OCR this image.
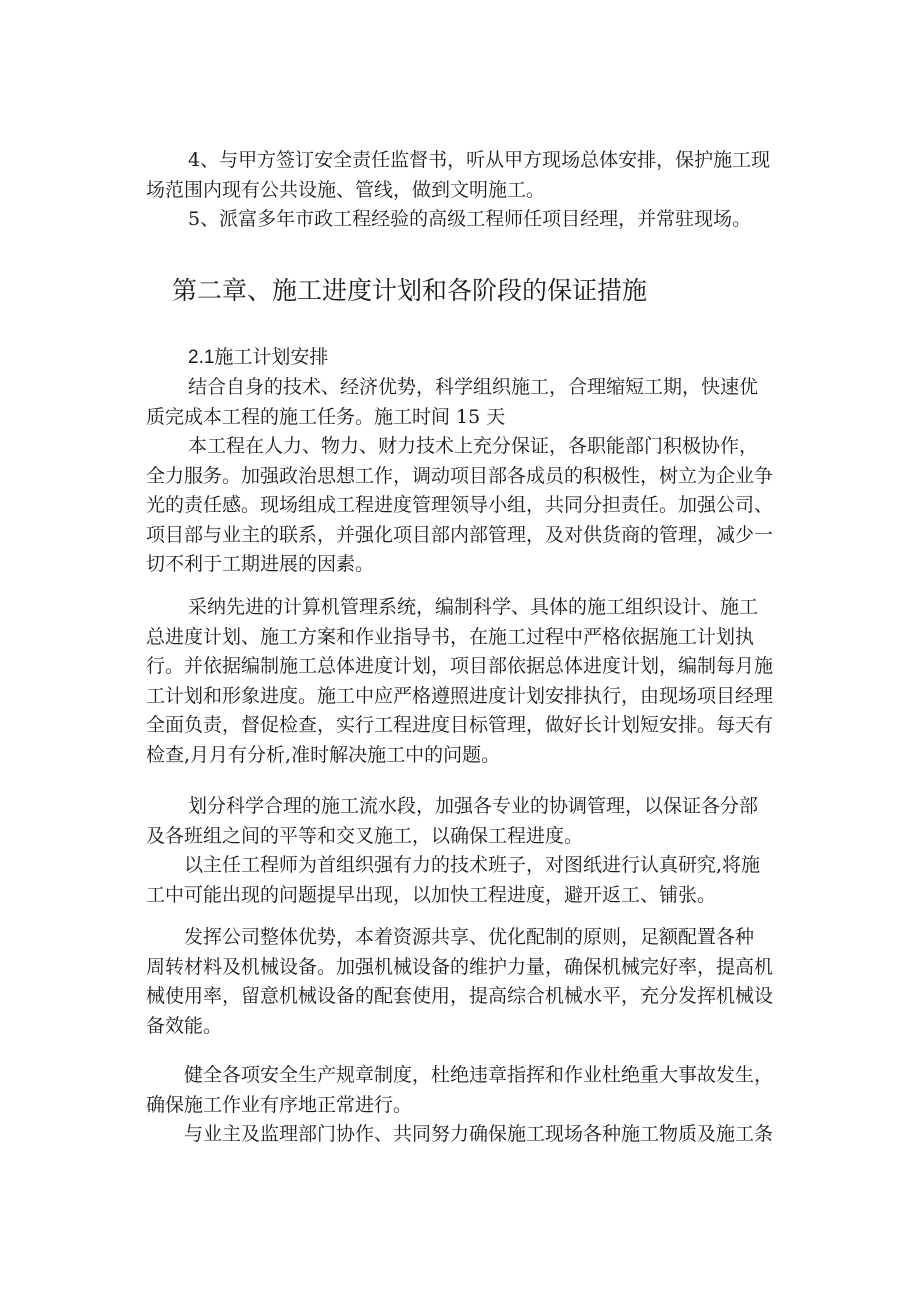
4、与甲方签订安全责任监督书，听从甲方现场总体安排，保护施工现
场范围内现有公共设施、管线，做到文明施工。

5、派富多年市政工程经验的高级工程师任项目经理，并常驻现场。

第二章、施工进度计划和各阶段的保证措施
2.1施工计划安排

结合自身的技术、经济优势，科学组织施工，合理缩短工期，快速优
质完成本工程的施工任务。施工时间 15 天

本工程在人力、物力、财力技术上充分保证，各职能部门积极协作，
全力服务。加强政治思想工作，调动项目部各成员的积极性，树立为企业争
光的责任感。现场组成工程进度管理领导小组，共同分担责任。加强公司、
项目部与业主的联系，并强化项目部内部管理，及对供货商的管理，减少一
切不利于工期进展的因素。

采纳先进的计算机管理系统，编制科学、具体的施工组织设计、施工
总进度计划、施工方案和作业指导书，在施工过程中严格依据施工计划执
行。并依据编制施工总体进度计划，项目部依据总体进度计划，编制每月施
工计划和形象进度。施工中应严格遵照进度计划安排执行，由现场项目经理
全面负责，督促检查，实行工程进度目标管理，做好长计划短安排。每天有
检查,月月有分析,准时解决施工中的问题。

划分科学合理的施工流水段，加强各专业的协调管理，以保证各分部
及各班组之间的平等和交叉施工，以确保工程进度。

以主任工程师为首组织强有力的技术班子，对图纸进行认真研究,将施
工中可能出现的问题提早出现，以加快工程进度，避开返工、铺张。

发挥公司整体优势，本着资源共享、优化配制的原则，足额配置各种
周转材料及机械设备。加强机械设备的维护力量，确保机械完好率，提高机
械使用率，留意机械设备的配套使用，提高综合机械水平，充分发挥机械设
备效能。

健全各项安全生产规章制度，杜绝违章指挥和作业杜绝重大事故发生，
确保施工作业有序地正常进行。

与业主及监理部门协作、共同努力确保施工现场各种施工物质及施工条
